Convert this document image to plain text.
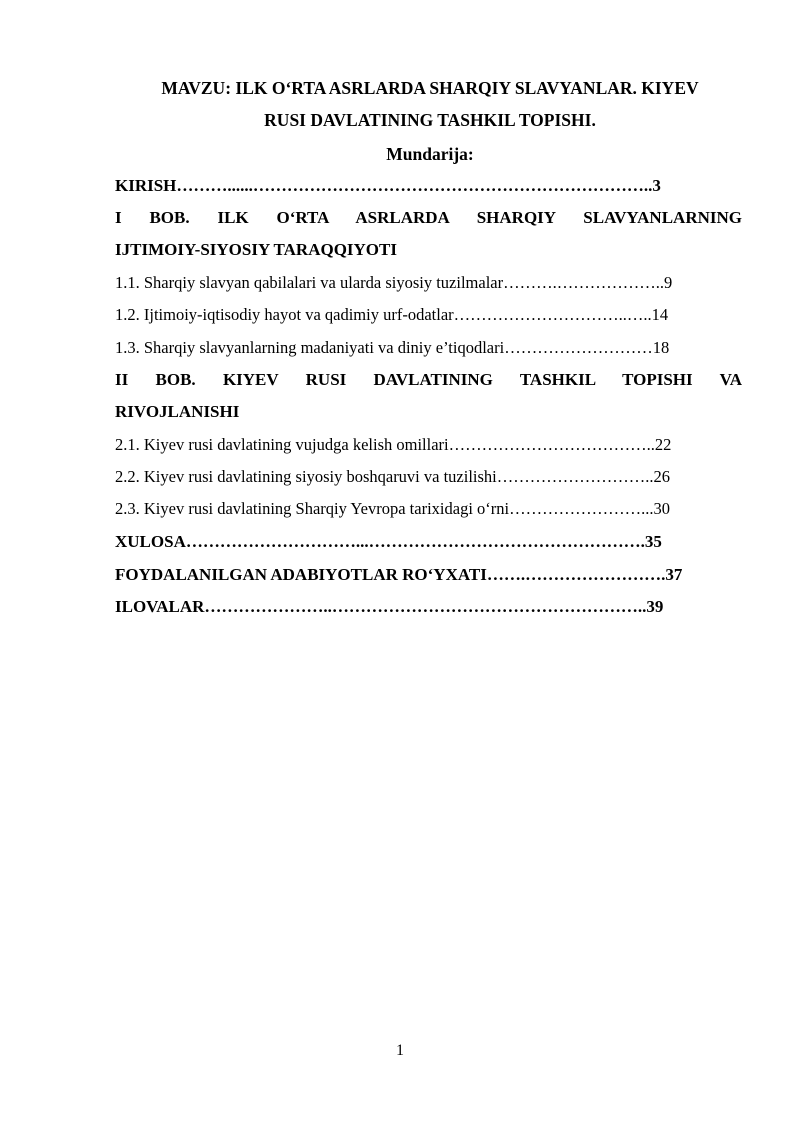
MAVZU: ILK O‘RTA ASRLARDA SHARQIY SLAVYANLAR. KIYEV

RUSI DAVLATINING TASHKIL TOPISHI.

Mundarija:

KIRISH………......……………………………………………………………..3

I BOB. ILK O‘RTA ASRLARDA SHARQIY SLAVYANLARNING

IJTIMOIY-SIYOSIY TARAQQIYOTI

1.1. Sharqiy slavyan qabilalari va ularda siyosiy tuzilmalar……….………………..9

1.2. Ijtimoiy-iqtisodiy hayot va qadimiy urf-odatlar…………………………..…..14

1.3. Sharqiy slavyanlarning madaniyati va diniy e’tiqodlari………………………18

II BOB. KIYEV RUSI DAVLATINING TASHKIL TOPISHI VA

RIVOJLANISHI

2.1. Kiyev rusi davlatining vujudga kelish omillari………………………………..22

2.2. Kiyev rusi davlatining siyosiy boshqaruvi va tuzilishi………………………..26

2.3. Kiyev rusi davlatining Sharqiy Yevropa tarixidagi o‘rni……………………...30

XULOSA…………………………...………………………………………….35

FOYDALANILGAN ADABIYOTLAR RO‘YXATI…….…………………….37

ILOVALAR…………………..………………………………………………..39

1
